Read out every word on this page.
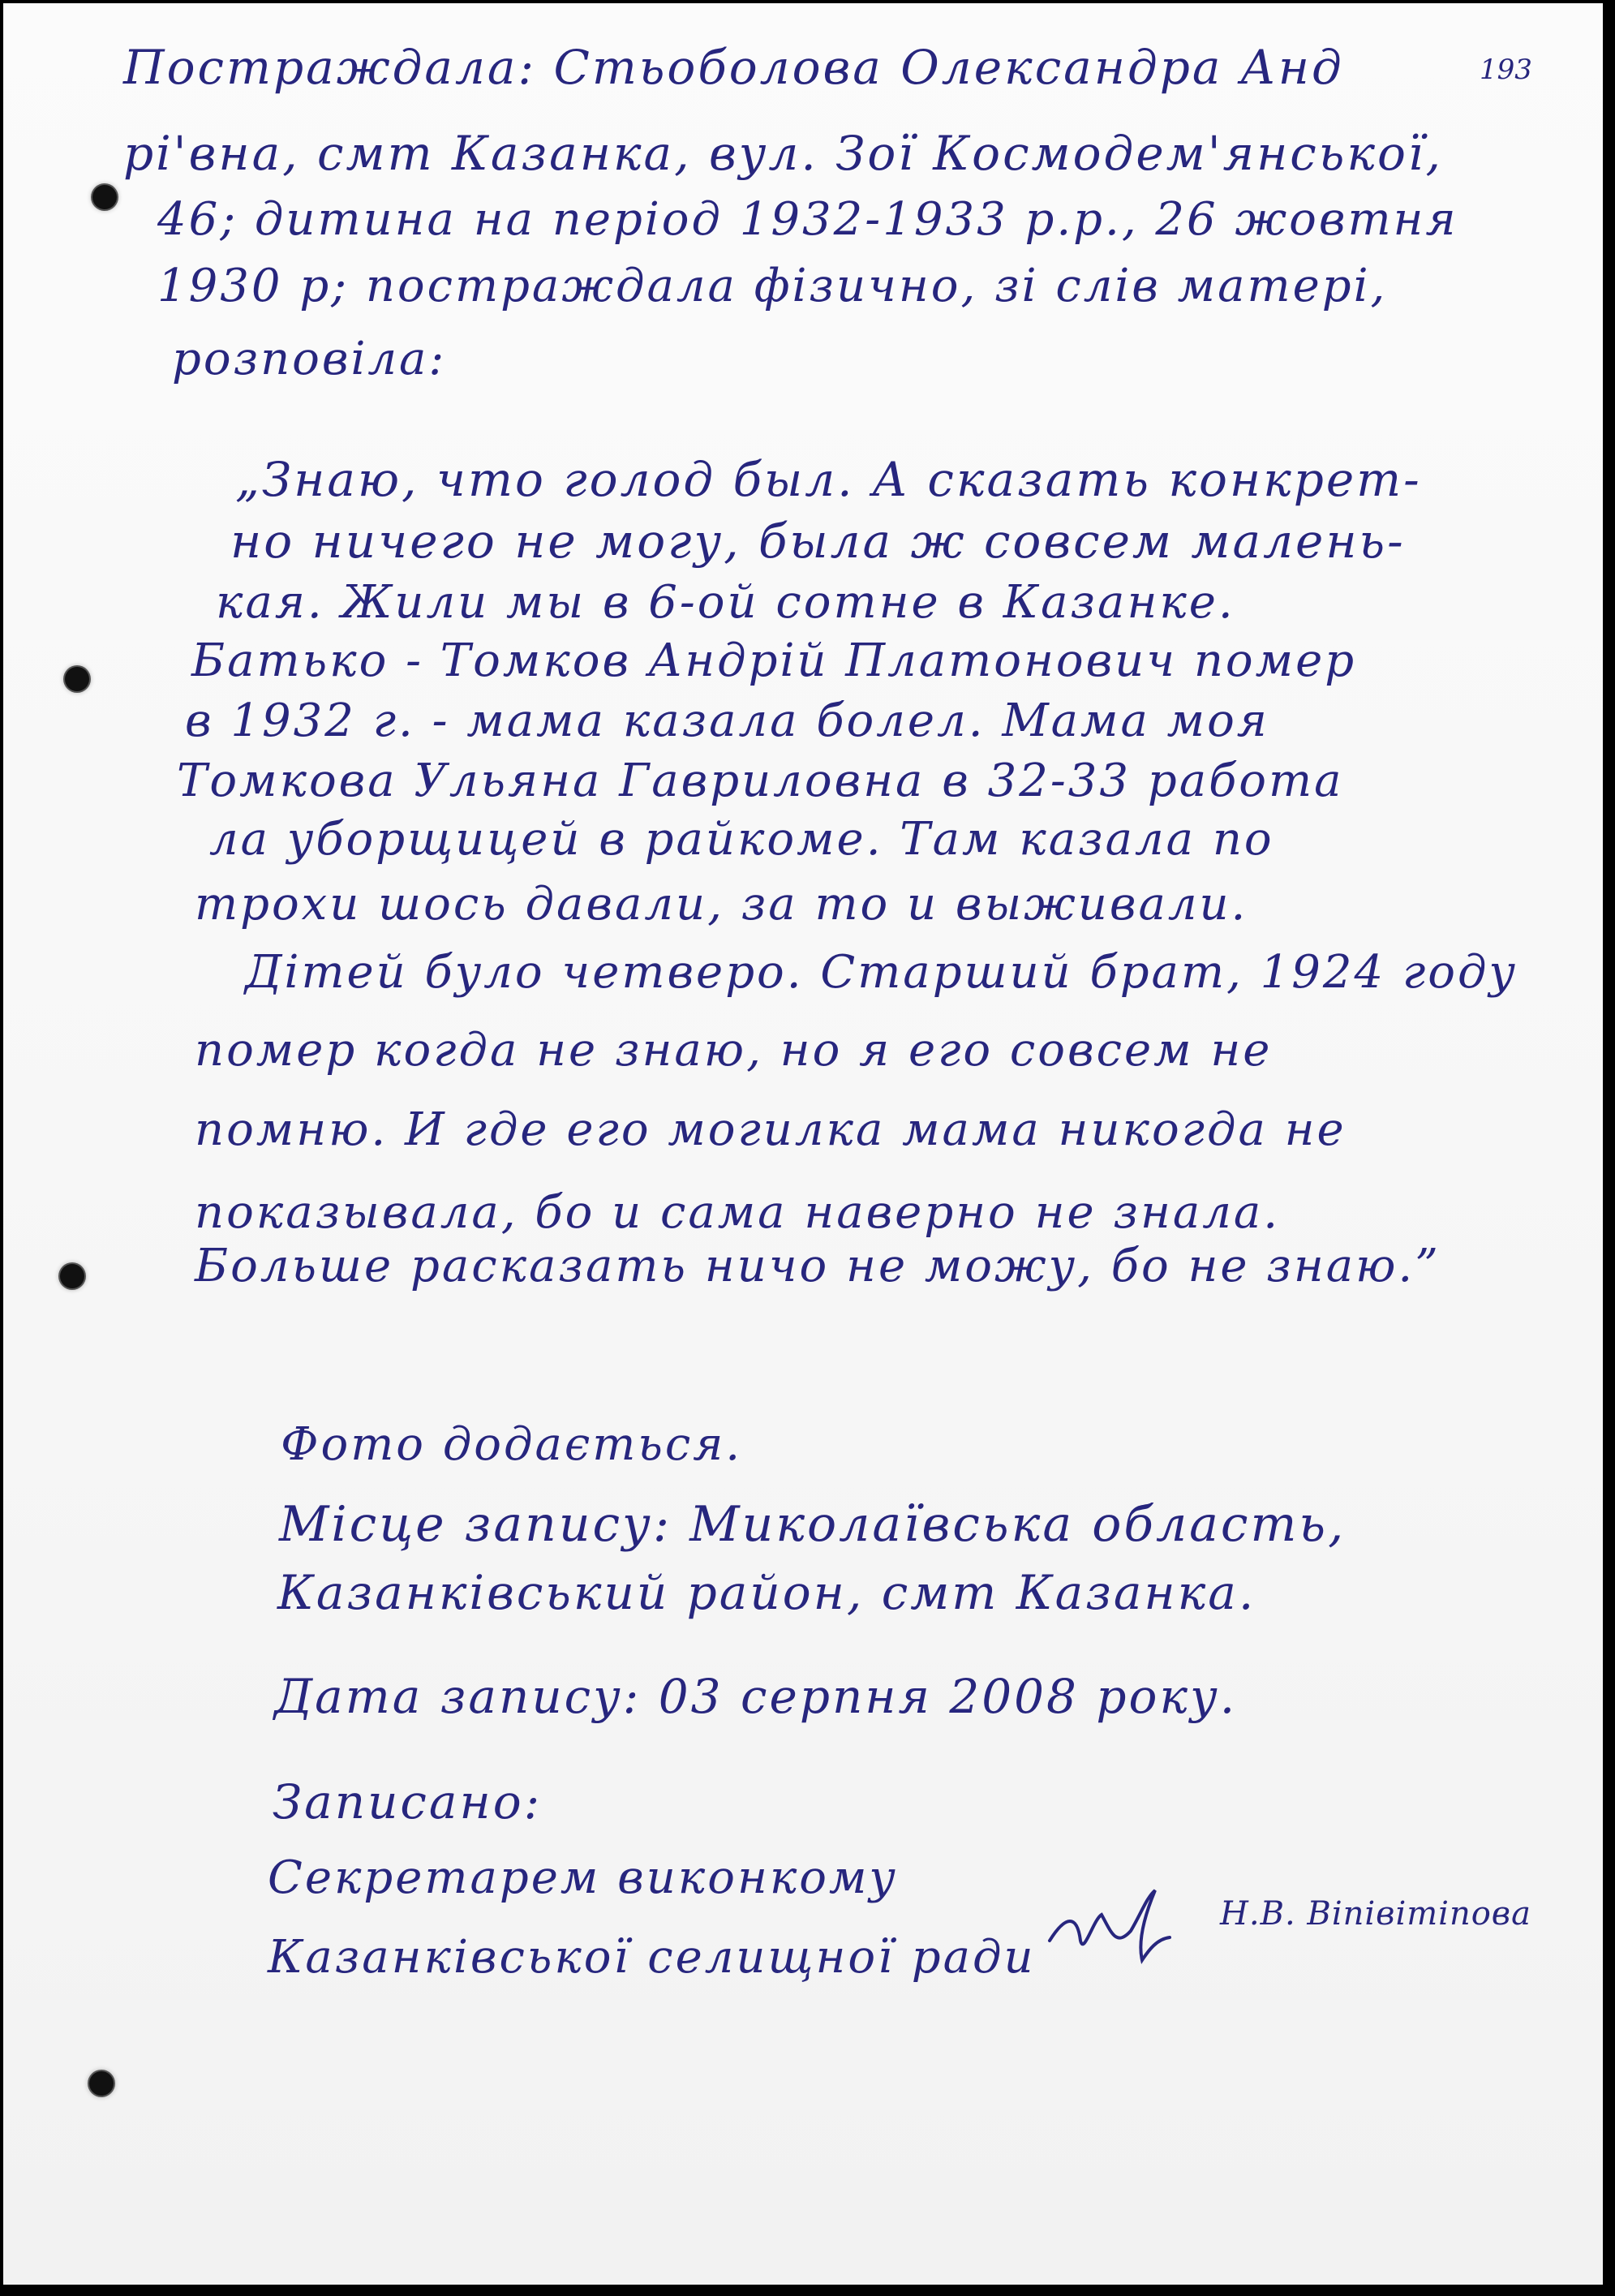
193
Постраждала: Стьоболова Олександра Анд
рі'вна, смт Казанка, вул. Зої Космодем'янської,
46; дитина на період 1932-1933 р.р., 26 жовтня
1930 р; постраждала фізично, зі слів матері,
розповіла:
„Знаю, что голод был. А сказать конкрет-
но ничего не могу, была ж совсем малень-
кая. Жили мы в 6-ой сотне в Казанке.
Батько - Томков Андрій Платонович помер
в 1932 г. - мама казала болел. Мама моя
Томкова Ульяна Гавриловна в 32-33 работа
ла уборщицей в райкоме. Там казала по
трохи шось давали, за то и выживали.
Дітей було четверо. Старший брат, 1924 году
помер когда не знаю, но я его совсем не
помню. И где его могилка мама никогда не
показывала, бо и сама наверно не знала.
Больше расказать ничо не можу, бо не знаю.”
Фото додається.
Місце запису: Миколаївська область,
Казанківський район, смт Казанка.
Дата запису: 03 серпня 2008 року.
Записано:
Секретарем виконкому
Казанківської селищної ради
Н.В. Віпівітіпова
